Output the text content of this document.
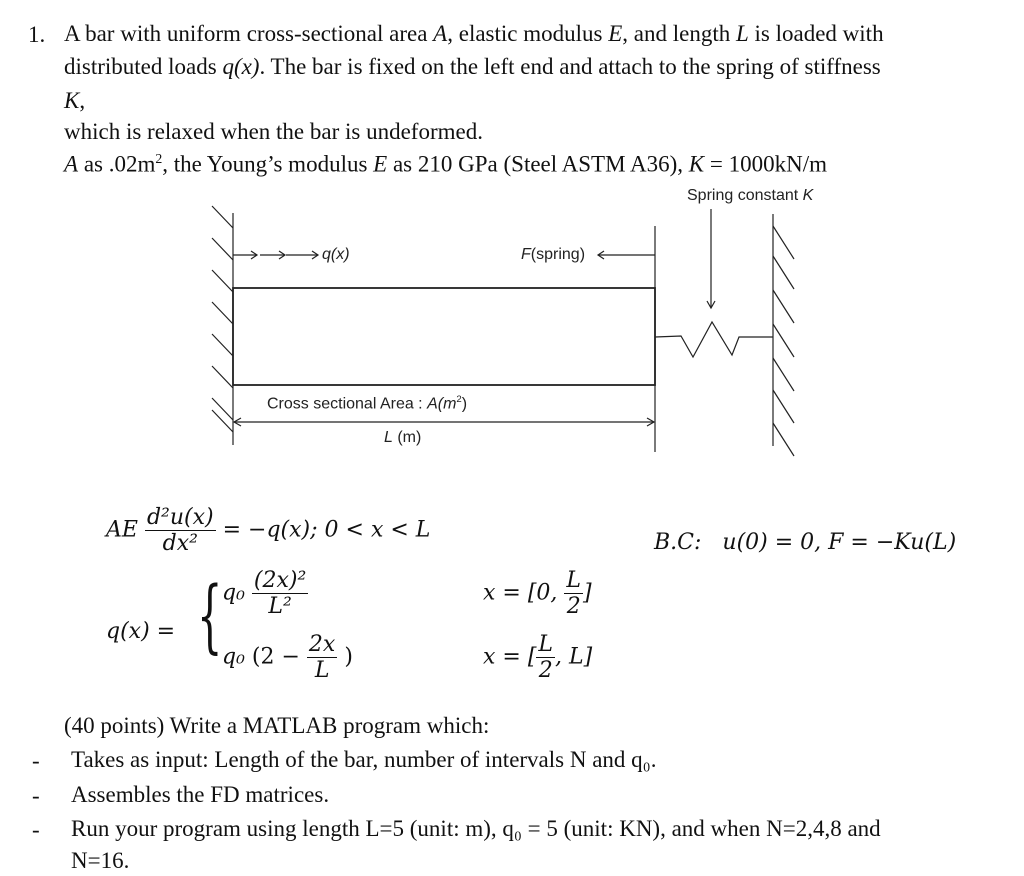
1. A bar with uniform cross-sectional area A, elastic modulus E, and length L is loaded with
distributed loads q(x). The bar is fixed on the left end and attach to the spring of stiffness
K,
which is relaxed when the bar is undeformed.
A as $.02m^2$, the Young’s modulus E as 210 GPa (Steel ASTM A36), K = 1000kN/m
Spring constant K
q(x)	F(spring)
Cross sectional Area : $A(m^2)$
L (m)
AE $\frac{\text{d²u(x)}}{\text{dx²}} = -q(x)$; 0 < x < L	B.C: u(0) = 0, F = −Ku(L)
q(x) = { $q_0 \frac{\text{(2x)²}}{\text{L²}}$
q₀ ($2 - \frac{2x}{L}$ )
x = [0, $\frac{L}{2}$ ]
x = [ $\frac{L}{2}$ , L]
(40 points) Write a MATLAB program which:
- Takes as input: Length of the bar, number of intervals N and q₀.
- Assembles the FD matrices.
- Run your program using length L=5 (unit: m), q₀ = 5 (unit: KN), and when N=2,4,8 and
N=16.
